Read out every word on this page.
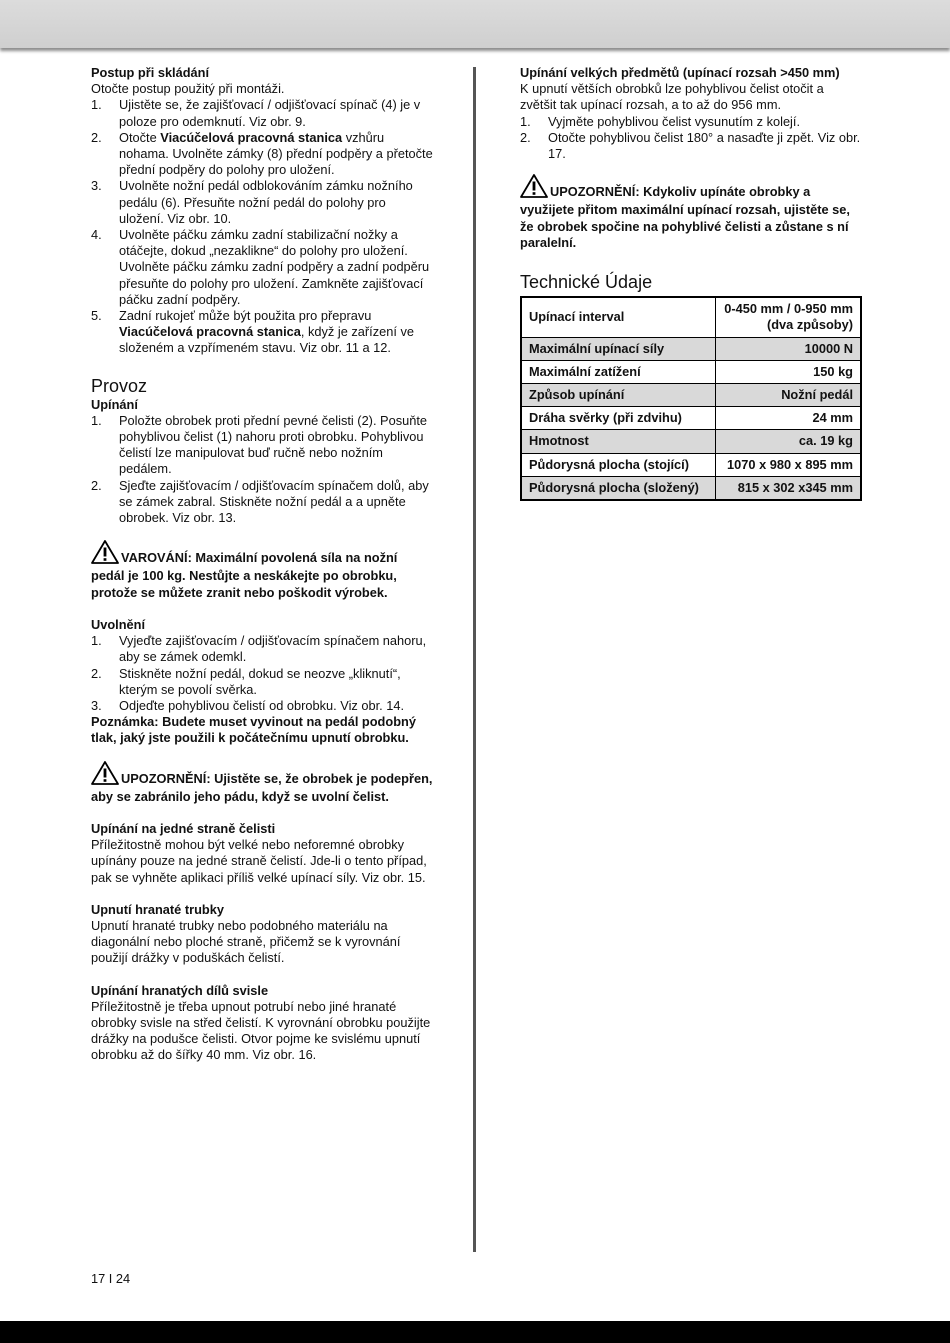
Postup při skládání

Otočte postup použitý při montáži.

1. Ujistěte se, že zajišťovací / odjišťovací spínač (4) je v poloze pro odemknutí. Viz obr. 9.
2. Otočte Viacúčelová pracovná stanica vzhůru nohama. Uvolněte zámky (8) přední podpěry a přetočte přední podpěry do polohy pro uložení.
3. Uvolněte nožní pedál odblokováním zámku nožního pedálu (6). Přesuňte nožní pedál do polohy pro uložení. Viz obr. 10.
4. Uvolněte páčku zámku zadní stabilizační nožky a otáčejte, dokud „nezaklikne“ do polohy pro uložení. Uvolněte páčku zámku zadní podpěry a zadní podpěru přesuňte do polohy pro uložení. Zamkněte zajišťovací páčku zadní podpěry.
5. Zadní rukojeť může být použita pro přepravu Viacúčelová pracovná stanica, když je zařízení ve složeném a vzpřímeném stavu. Viz obr. 11 a 12.
Provoz
Upínání
1. Položte obrobek proti přední pevné čelisti (2). Posuňte pohyblivou čelist (1) nahoru proti obrobku. Pohyblivou čelistí lze manipulovat buď ručně nebo nožním pedálem.
2. Sjeďte zajišťovacím / odjišťovacím spínačem dolů, aby se zámek zabral. Stiskněte nožní pedál a a upněte obrobek. Viz obr. 13.
VAROVÁNÍ: Maximální povolená síla na nožní pedál je 100 kg. Nestůjte a neskákejte po obrobku, protože se můžete zranit nebo poškodit výrobek.
Uvolnění
1. Vyjeďte zajišťovacím / odjišťovacím spínačem nahoru, aby se zámek odemkl.
2. Stiskněte nožní pedál, dokud se neozve „kliknutí“, kterým se povolí svěrka.
3. Odjeďte pohyblivou čelistí od obrobku. Viz obr. 14.

Poznámka: Budete muset vyvinout na pedál podobný tlak, jaký jste použili k počátečnímu upnutí obrobku.

UPOZORNĚNÍ: Ujistěte se, že obrobek je podepřen, aby se zabránilo jeho pádu, když se uvolní čelist.
Upínání na jedné straně čelisti

Příležitostně mohou být velké nebo neforemné obrobky upínány pouze na jedné straně čelistí. Jde-li o tento případ, pak se vyhněte aplikaci příliš velké upínací síly. Viz obr. 15.

Upnutí hranaté trubky

Upnutí hranaté trubky nebo podobného materiálu na diagonální nebo ploché straně, přičemž se k vyrovnání použijí drážky v poduškách čelistí.

Upínání hranatých dílů svisle

Příležitostně je třeba upnout potrubí nebo jiné hranaté obrobky svisle na střed čelistí. K vyrovnání obrobku použijte drážky na podušce čelisti. Otvor pojme ke svislému upnutí obrobku až do šířky 40 mm. Viz obr. 16.

Upínání velkých předmětů (upínací rozsah >450 mm)

K upnutí větších obrobků lze pohyblivou čelist otočit a zvětšit tak upínací rozsah, a to až do 956 mm.

1. Vyjměte pohyblivou čelist vysunutím z kolejí.
2. Otočte pohyblivou čelist 180° a nasaďte ji zpět. Viz obr. 17.
UPOZORNĚNÍ: Kdykoliv upínáte obrobky a využijete přitom maximální upínací rozsah, ujistěte se, že obrobek spočine na pohyblivé čelisti a zůstane s ní paralelní.
Technické Údaje
Upínací interval	0-450 mm / 0-950 mm (dva způsoby)
Maximální upínací síly	10000 N
Maximální zatížení	150 kg
Způsob upínání	Nožní pedál
Dráha svěrky (při zdvihu)	24 mm
Hmotnost	ca. 19 kg
Půdorysná plocha (stojící)	1070 x 980 x 895 mm
Půdorysná plocha (složený)	815 x 302 x345 mm
17 I 24
